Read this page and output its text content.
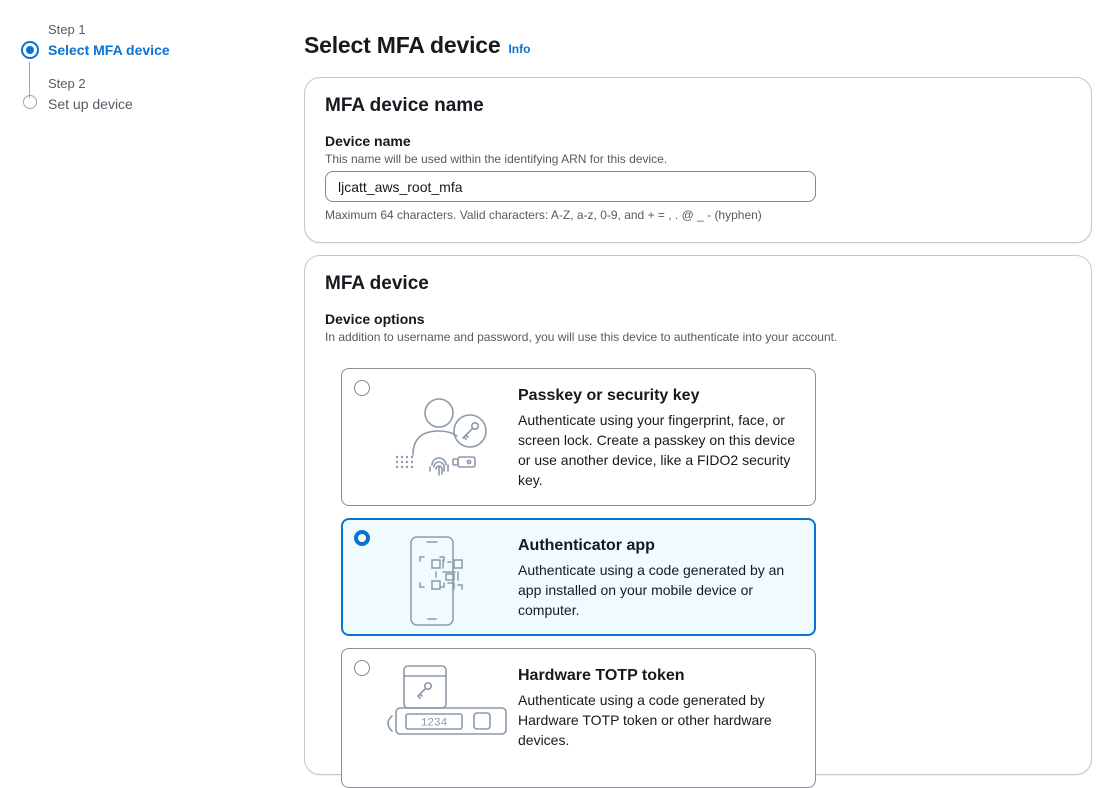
Step 1
Select MFA device
Step 2
Set up device
Select MFA device Info
MFA device name
Device name
This name will be used within the identifying ARN for this device.
ljcatt_aws_root_mfa
Maximum 64 characters. Valid characters: A-Z, a-z, 0-9, and + = , . @ _ - (hyphen)
MFA device
Device options
In addition to username and password, you will use this device to authenticate into your account.
Passkey or security key
Authenticate using your fingerprint, face, or screen lock. Create a passkey on this device or use another device, like a FIDO2 security key.
Authenticator app
Authenticate using a code generated by an app installed on your mobile device or computer.
1234
Hardware TOTP token
Authenticate using a code generated by Hardware TOTP token or other hardware devices.
